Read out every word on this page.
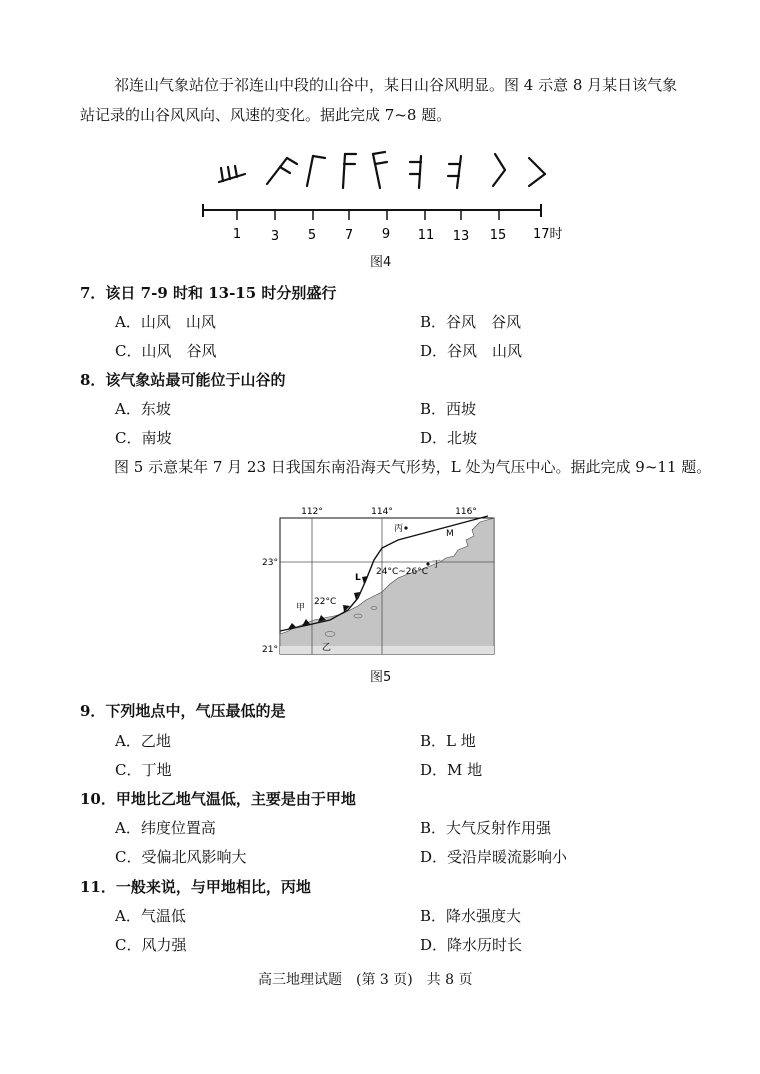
祁连山气象站位于祁连山中段的山谷中，某日山谷风明显。图 4 示意 8 月某日该气象
站记录的山谷风风向、风速的变化。据此完成 7~8 题。
1 3 5 7 9 11 13 15 17时
图4
7．该日 7-9 时和 13-15 时分别盛行
A．山风　山风	B．谷风　谷风
C．山风　谷风	D．谷风　山风
8．该气象站最可能位于山谷的
A．东坡	B．西坡
C．南坡	D．北坡
图 5 示意某年 7 月 23 日我国东南沿海天气形势，L 处为气压中心。据此完成 9~11 题。
112°	114°	116°
23°
21°
丙
丁
M
L
24°C~26°C
22°C
甲
乙
图5
9．下列地点中，气压最低的是
A．乙地	B．L 地
C．丁地	D．M 地
10．甲地比乙地气温低，主要是由于甲地
A．纬度位置高	B．大气反射作用强
C．受偏北风影响大	D．受沿岸暖流影响小
11．一般来说，与甲地相比，丙地
A．气温低	B．降水强度大
C．风力强	D．降水历时长
高三地理试题　(第 3 页)　共 8 页
